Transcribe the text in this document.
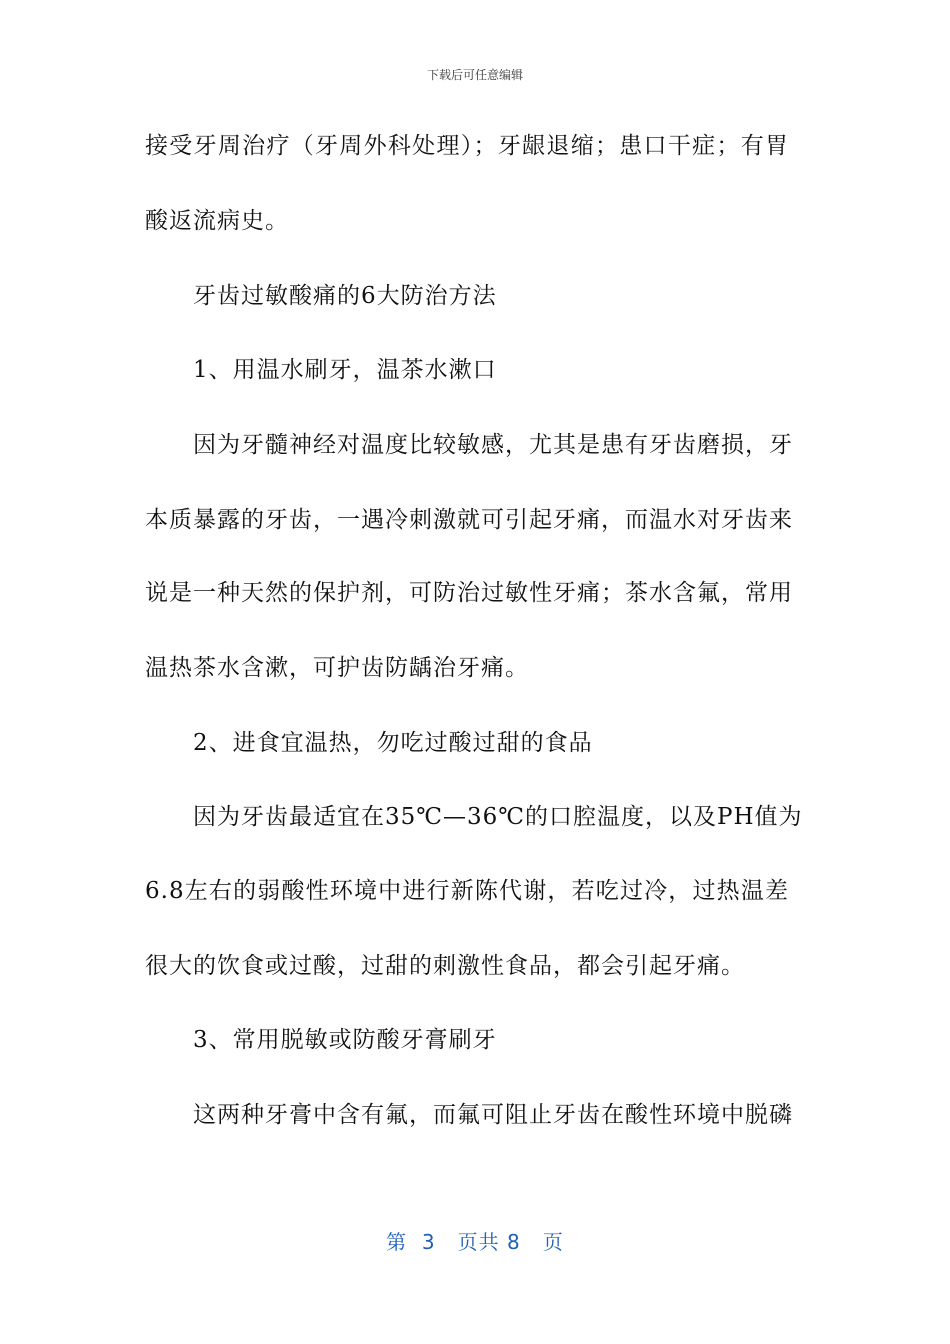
下载后可任意编辑
接受牙周治疗（牙周外科处理）；牙龈退缩；患口干症；有胃
酸返流病史。
牙齿过敏酸痛的6大防治方法
1、用温水刷牙，温茶水漱口
因为牙髓神经对温度比较敏感，尤其是患有牙齿磨损，牙
本质暴露的牙齿，一遇冷刺激就可引起牙痛，而温水对牙齿来
说是一种天然的保护剂，可防治过敏性牙痛；茶水含氟，常用
温热茶水含漱，可护齿防龋治牙痛。
2、进食宜温热，勿吃过酸过甜的食品
因为牙齿最适宜在35℃—36℃的口腔温度，以及PH值为
6.8左右的弱酸性环境中进行新陈代谢，若吃过冷，过热温差
很大的饮食或过酸，过甜的刺激性食品，都会引起牙痛。
3、常用脱敏或防酸牙膏刷牙
这两种牙膏中含有氟，而氟可阻止牙齿在酸性环境中脱磷
第  3   页共 8   页
